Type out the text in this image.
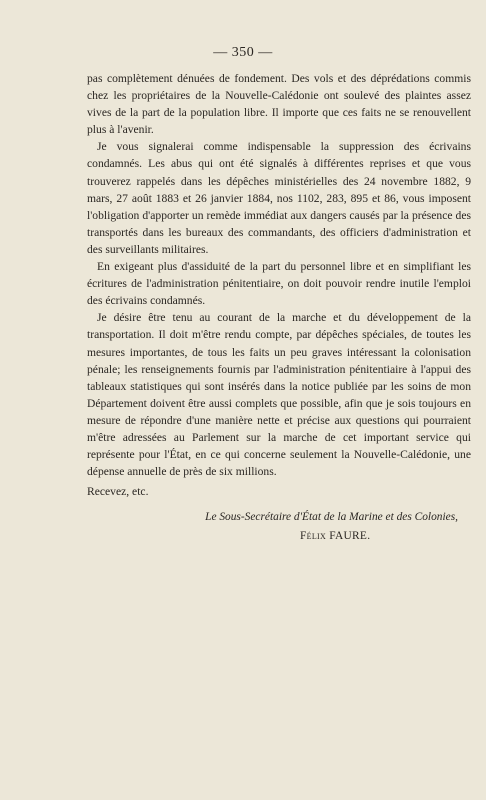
— 350 —

pas complètement dénuées de fondement. Des vols et des déprédations commis chez les propriétaires de la Nouvelle-Calédonie ont soulevé des plaintes assez vives de la part de la population libre. Il importe que ces faits ne se renouvellent plus à l'avenir.

Je vous signalerai comme indispensable la suppression des écrivains condamnés. Les abus qui ont été signalés à différentes reprises et que vous trouverez rappelés dans les dépêches ministérielles des 24 novembre 1882, 9 mars, 27 août 1883 et 26 janvier 1884, nos 1102, 283, 895 et 86, vous imposent l'obligation d'apporter un remède immédiat aux dangers causés par la présence des transportés dans les bureaux des commandants, des officiers d'administration et des surveillants militaires.

En exigeant plus d'assiduité de la part du personnel libre et en simplifiant les écritures de l'administration pénitentiaire, on doit pouvoir rendre inutile l'emploi des écrivains condamnés.

Je désire être tenu au courant de la marche et du développement de la transportation. Il doit m'être rendu compte, par dépêches spéciales, de toutes les mesures importantes, de tous les faits un peu graves intéressant la colonisation pénale; les renseignements fournis par l'administration pénitentiaire à l'appui des tableaux statistiques qui sont insérés dans la notice publiée par les soins de mon Département doivent être aussi complets que possible, afin que je sois toujours en mesure de répondre d'une manière nette et précise aux questions qui pourraient m'être adressées au Parlement sur la marche de cet important service qui représente pour l'État, en ce qui concerne seulement la Nouvelle-Calédonie, une dépense annuelle de près de six millions.

Recevez, etc.

Le Sous-Secrétaire d'État de la Marine et des Colonies,
Félix FAURE.
